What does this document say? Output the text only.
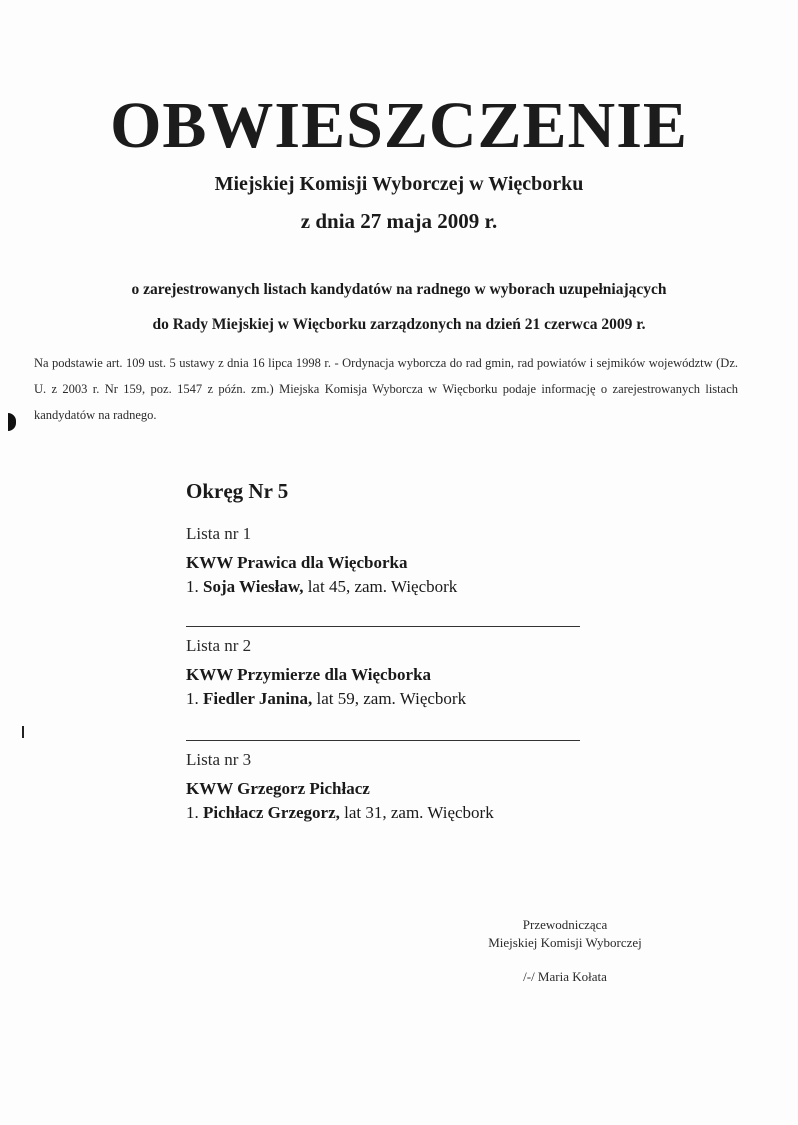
OBWIESZCZENIE
Miejskiej Komisji Wyborczej w Więcborku
z dnia 27 maja 2009 r.
o zarejestrowanych listach kandydatów na radnego w wyborach uzupełniających
do Rady Miejskiej w Więcborku zarządzonych na dzień 21 czerwca 2009 r.
Na podstawie art. 109 ust. 5 ustawy z dnia 16 lipca 1998 r. - Ordynacja wyborcza do rad gmin, rad powiatów i sejmików województw (Dz. U. z 2003 r. Nr 159, poz. 1547 z późn. zm.) Miejska Komisja Wyborcza w Więcborku podaje informację o zarejestrowanych listach kandydatów na radnego.
Okręg Nr 5
Lista nr 1
KWW Prawica dla Więcborka
1. Soja Wiesław, lat 45, zam. Więcbork
Lista nr 2
KWW Przymierze dla Więcborka
1. Fiedler Janina, lat 59, zam. Więcbork
Lista nr 3
KWW Grzegorz Pichłacz
1. Pichłacz Grzegorz, lat 31, zam. Więcbork
Przewodnicząca
Miejskiej Komisji Wyborczej
/-/ Maria Kołata
